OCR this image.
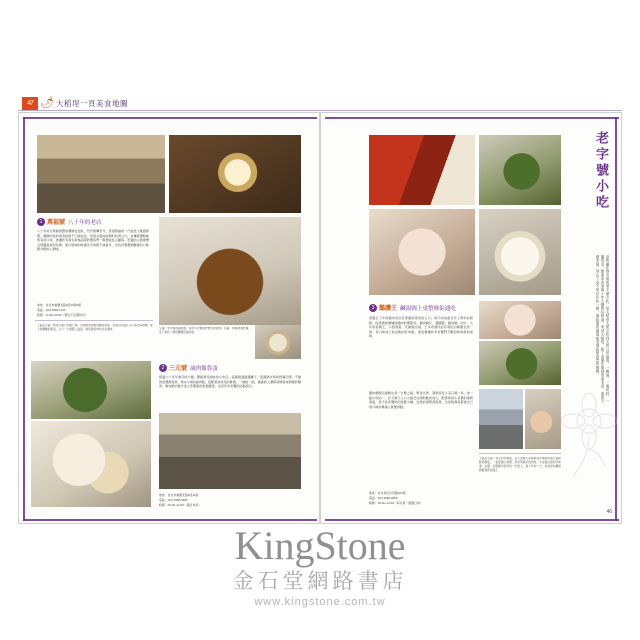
47 🌶 大稻埕一頁美食地圖
1 萬福號 八十年的老店
八十年前以現做現賣的潤餅皮起家，代代相傳至今，老張無論是一斤面皮大堆頭買賣，潤餅的包料業者批發不已經成為，老張全盤接收期料包得之巧，也傳統潤餅就該有的口味，更讓許多慕名前來品嚐的饕客們一嚐便成為主顧客。吃過的人總會懷念那醬香氣的色澤，原汁原味的味道至今依舊不減當年，也包含著濃郁鹹香的口味跟今樣的人情味。
地址：台北市重慶北路2段49巷9號
電話：(02) 2556-1244
時間：11:30~20:00（賣完不定期休息）
上圖及左圖：鮮美大蝦仁的蝦仁燒，包裹鮮香新鮮的麵皮的飯，使滷汁的滷汁入口即化與滑嫩，配上熱騰騰的湯品，大口一大碗配上滷蛋，就是最經典老台北滋味。	左圖：老字號的滷肉飯，是許多老饕客們懷念的滋味。右圖：環境清爽舒適，坐下來吃一碗熱騰騰的滷肉飯。
2 三元號 滷肉飯魯蛋
經過六十多年歲月的大變，歷經歲月滄桂的小吃店，從碗碗到路邊攤子，從簡陋木椅到舒適空間，不變的是濃郁香氣、軟Q入味的滷肉飯，搭配著油亮亮的魯蛋，一碗接一碗，滿滿的人潮都是聞香來朝聖的饕客。魯肉飯的魯汁加上蒸籠飯的魚翅羹湯，也是許多老饕的必點組合。
地址：台北市重慶北路2段11號
電話：(02) 2558-9685
時間：09:00~21:00（週日休息）
老字號小吃
這些藏在巷弄裡的老字號小吃，是大稻埕人從小吃到大的日常風景。一碗湯、一塊切料、一盤青菜，簡單卻有著幾十年不變的好味道。來到大稻埕，除了逛迪化街採買南北貨、看看古蹟老屋，別忘了坐下來好好吃一頓，讓味蕾認識這座老城區最真實的模樣。
3 鵝讚王 鹹湯圓上桌整條街通吃
享譽五十年的鵝肉老店有著滿街香氣的入口，每天均為當日早上現宰的新鮮，從清燙到煙燻的鵝肉料理都有，鵝肉胸丈、翅膀腿、鵝肉翅、肉片、九年的香腸王，口感清美、代謝鵝出餐，王永老婆同店有利的白斬雞也是一絕。有口味加上的必點的好肉飯，更是要讓許多老饕們不斷回味的經典美味。
鵝肉粥飯包湯飯也是一日聚之後，單身比著、餐車設包小菜口湯一杯，加一點小杯的一，好天熱天入口大盤及冰凍對歡的迷人，配著和淡小菜都的湯與清爽，是不是老饕吃的這麼少種，在煮的湯與清爽湯，也是熱湯客都會自己的口味的專滿人都懂得點。
地址：台北市民生西路203號
電話：(02) 2555-0505
時間：10:00~21:00（每月第一個週日休）
上圖及左圖：老店的老闆娘，每天清晨天亮前就到市場挑選當日最新鮮的鵝隻，一隻隻細心處理，堅持用最好的食材，才能做出最好的味道。右圖：老闆親切招呼每一位客人，幾十年如一日，成為街坊鄰居間最熟悉的面孔。
46
KingStone
金石堂網路書店
www.kingstone.com.tw
